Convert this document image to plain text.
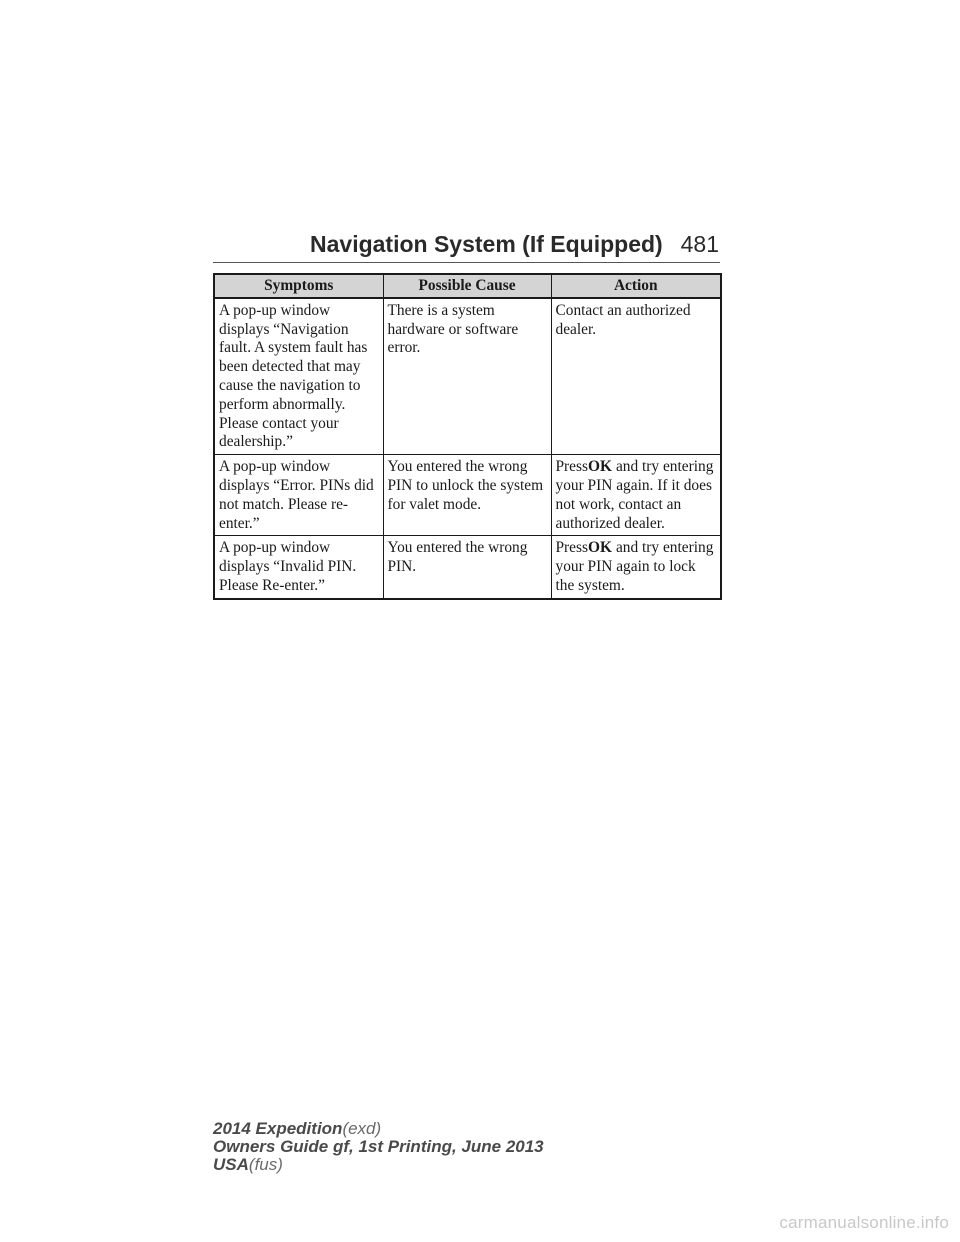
Navigation System (If Equipped) 481
Symptoms	Possible Cause	Action
A pop-up window displays “Navigation fault. A system fault has been detected that may cause the navigation to perform abnormally. Please contact your dealership.”	There is a system hardware or software error.	Contact an authorized dealer.
A pop-up window displays “Error. PINs did not match. Please re-enter.”	You entered the wrong PIN to unlock the system for valet mode.	PressOK and try entering your PIN again. If it does not work, contact an authorized dealer.
A pop-up window displays “Invalid PIN. Please Re-enter.”	You entered the wrong PIN.	PressOK and try entering your PIN again to lock the system.
2014 Expedition(exd)
Owners Guide gf, 1st Printing, June 2013
USA(fus)
carmanualsonline.info
